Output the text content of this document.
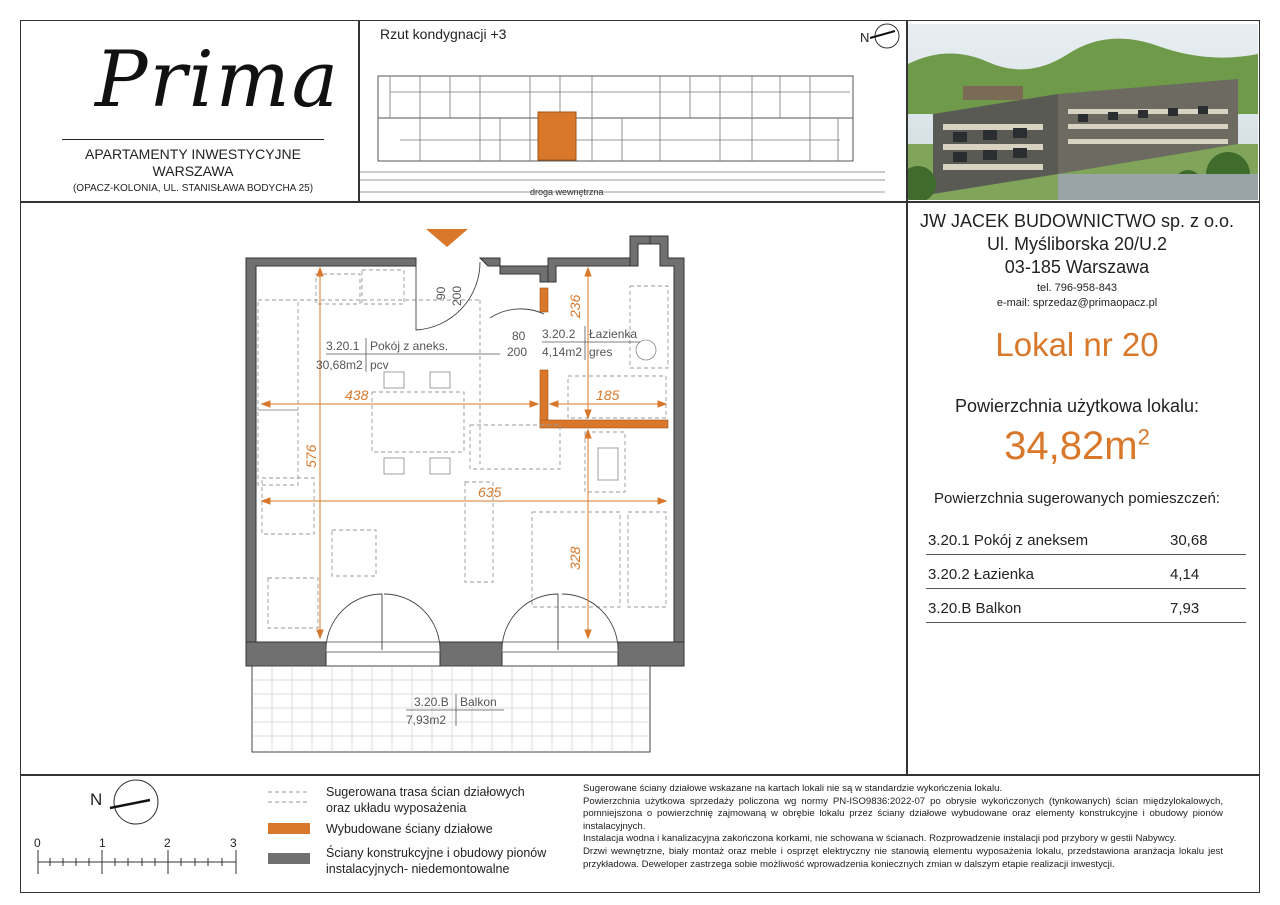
Prima
APARTAMENTY INWESTYCYJNE
WARSZAWA
(OPACZ-KOLONIA, UL. STANISŁAWA BODYCHA 25)
Rzut kondygnacji +3	N
droga wewnętrzna
JW JACEK BUDOWNICTWO sp. z o.o.
Ul. Myśliborska 20/U.2
03-185 Warszawa
tel. 796-958-843
e-mail: sprzedaz@primaopacz.pl
Lokal nr 20
Powierzchnia użytkowa lokalu:
$34,82m^2$
Powierzchnia sugerowanych pomieszczeń:
3.20.1 Pokój z aneksem	30,68
3.20.2 Łazienka	4,14
3.20.B Balkon	7,93
438	185
635
576
236
328
3.20.1 Pokój z aneks.
30,68m2 pcv
3.20.2 Łazienka
4,14m2 gres
3.20.B Balkon
7,93m2
80
200
90 200
N
0	1	2	3
Sugerowana trasa ścian działowych
oraz układu wyposażenia
Wybudowane ściany działowe
Ściany konstrukcyjne i obudowy pionów
instalacyjnych- niedemontowalne
Sugerowane ściany działowe wskazane na kartach lokali nie są w standardzie wykończenia lokalu.
Powierzchnia użytkowa sprzedaży policzona wg normy PN-ISO9836:2022-07 po obrysie wykończonych (tynkowanych) ścian międzylokalowych, pomniejszona o powierzchnię zajmowaną w obrębie lokalu przez ściany działowe wybudowane oraz elementy konstrukcyjne i obudowy pionów instalacyjnych.
Instalacja wodna i kanalizacyjna zakończona korkami, nie schowana w ścianach. Rozprowadzenie instalacji pod przybory w gestii Nabywcy.
Drzwi wewnętrzne, biały montaż oraz meble i osprzęt elektryczny nie stanowią elementu wyposażenia lokalu, przedstawiona aranżacja lokalu jest przykładowa. Deweloper zastrzega sobie możliwość wprowadzenia koniecznych zmian w dalszym etapie realizacji inwestycji.
